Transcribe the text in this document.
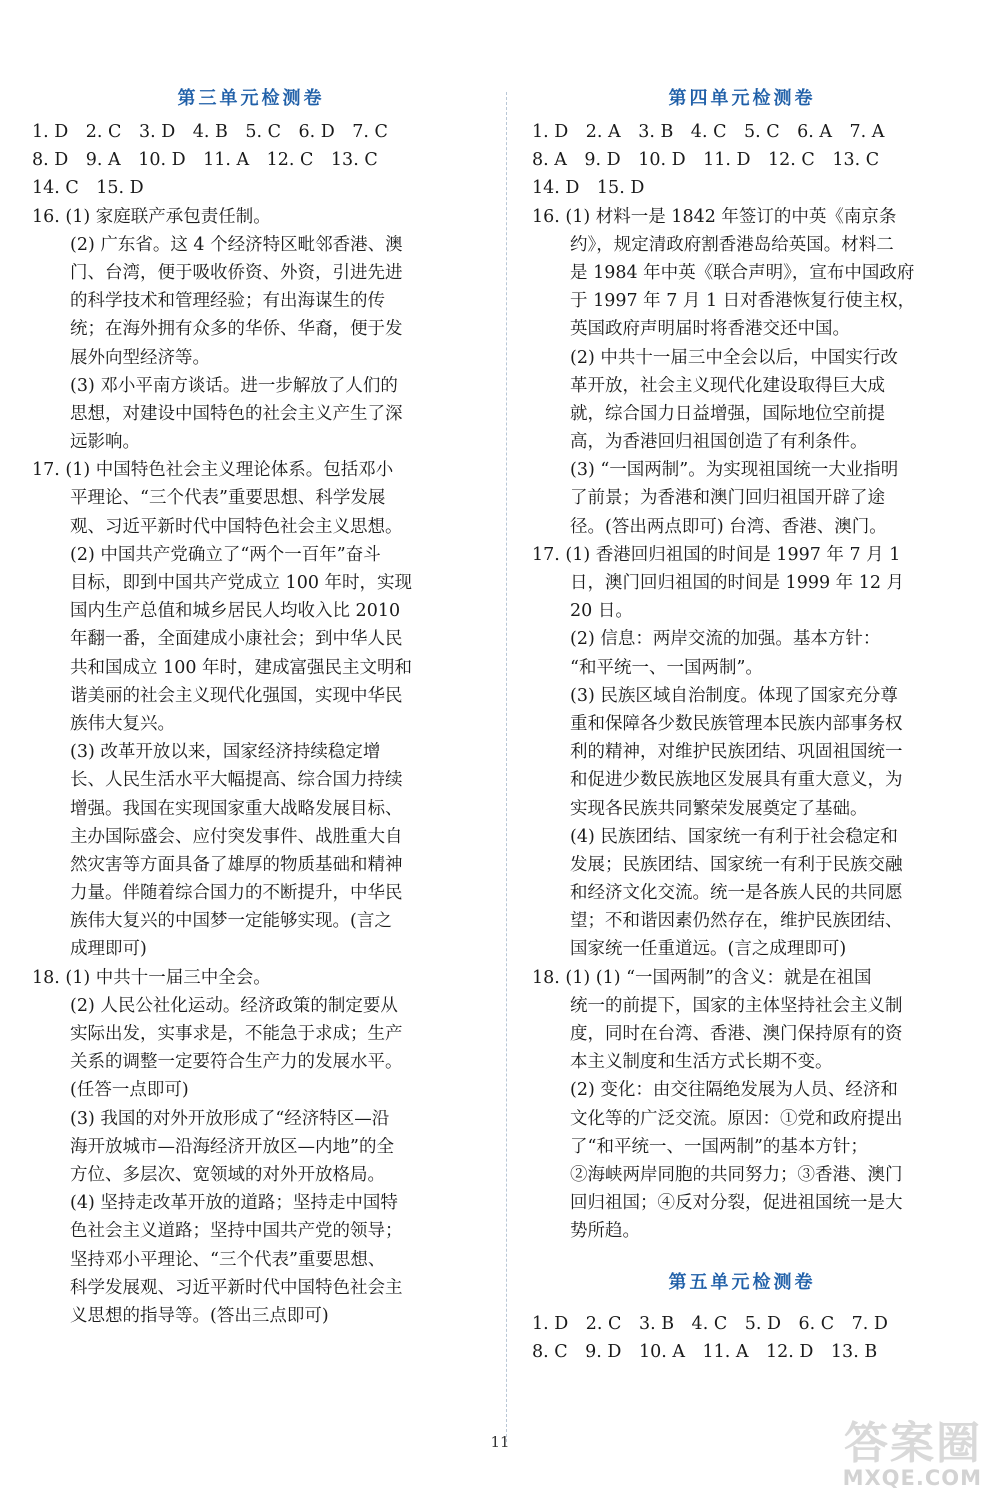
第三单元检测卷
1. D　2. C　3. D　4. B　5. C　6. D　7. C
8. D　9. A　10. D　11. A　12. C　13. C
14. C　15. D
16. (1) 家庭联产承包责任制。
(2) 广东省。这 4 个经济特区毗邻香港、澳
门、台湾，便于吸收侨资、外资，引进先进
的科学技术和管理经验；有出海谋生的传
统；在海外拥有众多的华侨、华裔，便于发
展外向型经济等。
(3) 邓小平南方谈话。进一步解放了人们的
思想，对建设中国特色的社会主义产生了深
远影响。
17. (1) 中国特色社会主义理论体系。包括邓小
平理论、“三个代表”重要思想、科学发展
观、习近平新时代中国特色社会主义思想。
(2) 中国共产党确立了“两个一百年”奋斗
目标，即到中国共产党成立 100 年时，实现
国内生产总值和城乡居民人均收入比 2010
年翻一番，全面建成小康社会；到中华人民
共和国成立 100 年时，建成富强民主文明和
谐美丽的社会主义现代化强国，实现中华民
族伟大复兴。
(3) 改革开放以来，国家经济持续稳定增
长、人民生活水平大幅提高、综合国力持续
增强。我国在实现国家重大战略发展目标、
主办国际盛会、应付突发事件、战胜重大自
然灾害等方面具备了雄厚的物质基础和精神
力量。伴随着综合国力的不断提升，中华民
族伟大复兴的中国梦一定能够实现。(言之
成理即可)
18. (1) 中共十一届三中全会。
(2) 人民公社化运动。经济政策的制定要从
实际出发，实事求是，不能急于求成；生产
关系的调整一定要符合生产力的发展水平。
(任答一点即可)
(3) 我国的对外开放形成了“经济特区—沿
海开放城市—沿海经济开放区—内地”的全
方位、多层次、宽领域的对外开放格局。
(4) 坚持走改革开放的道路；坚持走中国特
色社会主义道路；坚持中国共产党的领导；
坚持邓小平理论、“三个代表”重要思想、
科学发展观、习近平新时代中国特色社会主
义思想的指导等。(答出三点即可)
第四单元检测卷
1. D　2. A　3. B　4. C　5. C　6. A　7. A
8. A　9. D　10. D　11. D　12. C　13. C
14. D　15. D
16. (1) 材料一是 1842 年签订的中英《南京条
约》，规定清政府割香港岛给英国。材料二
是 1984 年中英《联合声明》，宣布中国政府
于 1997 年 7 月 1 日对香港恢复行使主权，
英国政府声明届时将香港交还中国。
(2) 中共十一届三中全会以后，中国实行改
革开放，社会主义现代化建设取得巨大成
就，综合国力日益增强，国际地位空前提
高，为香港回归祖国创造了有利条件。
(3) “一国两制”。为实现祖国统一大业指明
了前景；为香港和澳门回归祖国开辟了途
径。(答出两点即可) 台湾、香港、澳门。
17. (1) 香港回归祖国的时间是 1997 年 7 月 1
日，澳门回归祖国的时间是 1999 年 12 月
20 日。
(2) 信息：两岸交流的加强。基本方针：
“和平统一、一国两制”。
(3) 民族区域自治制度。体现了国家充分尊
重和保障各少数民族管理本民族内部事务权
利的精神，对维护民族团结、巩固祖国统一
和促进少数民族地区发展具有重大意义，为
实现各民族共同繁荣发展奠定了基础。
(4) 民族团结、国家统一有利于社会稳定和
发展；民族团结、国家统一有利于民族交融
和经济文化交流。统一是各族人民的共同愿
望；不和谐因素仍然存在，维护民族团结、
国家统一任重道远。(言之成理即可)
18. (1) (1) “一国两制”的含义：就是在祖国
统一的前提下，国家的主体坚持社会主义制
度，同时在台湾、香港、澳门保持原有的资
本主义制度和生活方式长期不变。
(2) 变化：由交往隔绝发展为人员、经济和
文化等的广泛交流。原因：①党和政府提出
了“和平统一、一国两制”的基本方针；
②海峡两岸同胞的共同努力；③香港、澳门
回归祖国；④反对分裂，促进祖国统一是大
势所趋。
第五单元检测卷
1. D　2. C　3. B　4. C　5. D　6. C　7. D
8. C　9. D　10. A　11. A　12. D　13. B
11	答案圈
MXQE.COM
